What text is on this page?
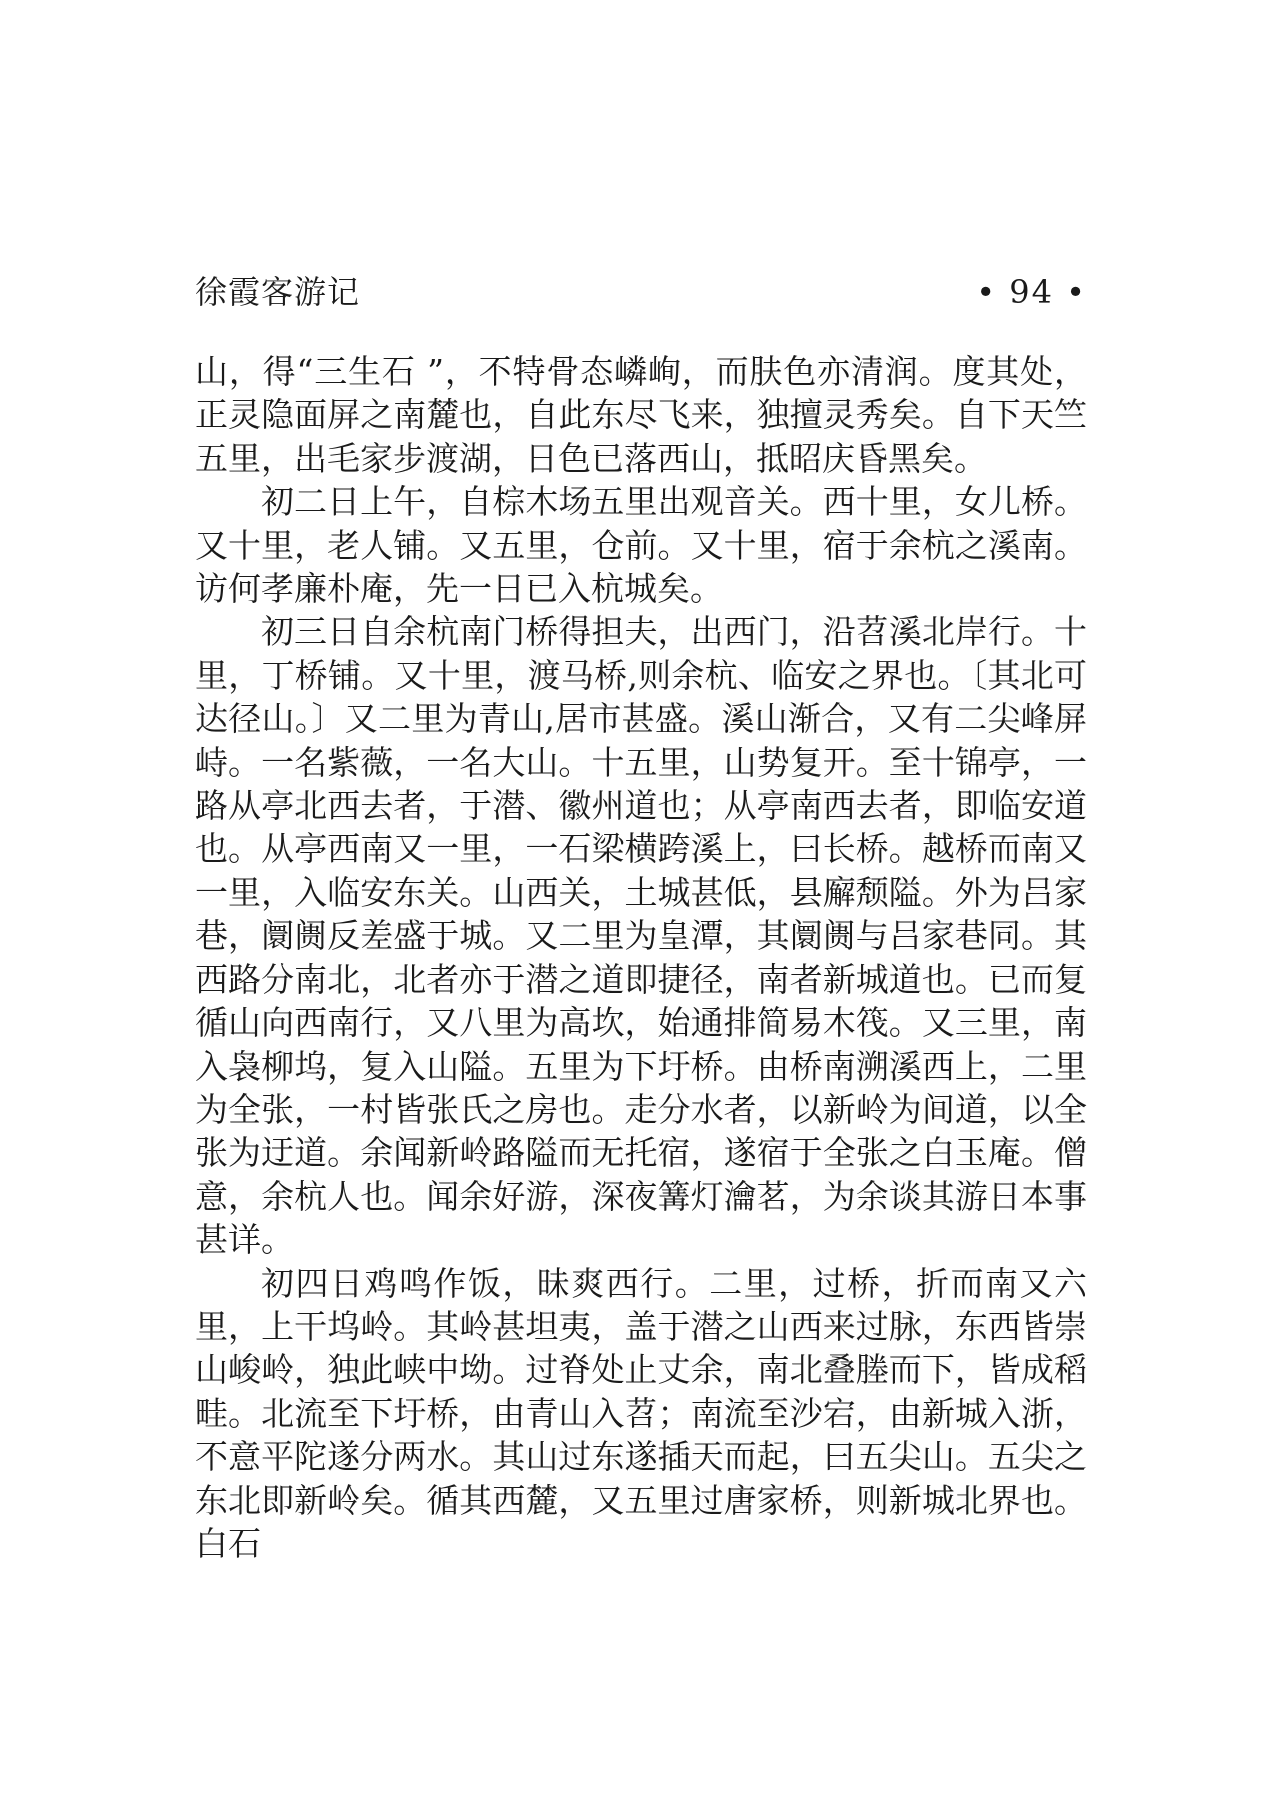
徐霞客游记	• 94 •

山，得“三生石 ”，不特骨态嶙峋，而肤色亦清润。度其处，正灵隐面屏之南麓也，自此东尽飞来，独擅灵秀矣。自下天竺五里，出毛家步渡湖，日色已落西山，抵昭庆昏黑矣。

初二日上午，自棕木场五里出观音关。西十里，女儿桥。又十里，老人铺。又五里，仓前。又十里，宿于余杭之溪南。访何孝廉朴庵，先一日已入杭城矣。

初三日自余杭南门桥得担夫，出西门，沿苕溪北岸行。十里，丁桥铺。又十里，渡马桥,则余杭、临安之界也。〔其北可达径山。〕又二里为青山,居市甚盛。溪山渐合，又有二尖峰屏峙。一名紫薇，一名大山。十五里，山势复开。至十锦亭，一路从亭北西去者，于潜、徽州道也；从亭南西去者，即临安道也。从亭西南又一里，一石梁横跨溪上，曰长桥。越桥而南又一里，入临安东关。山西关，土城甚低，县廨颓隘。外为吕家巷，阛阓反差盛于城。又二里为皇潭，其阛阓与吕家巷同。其西路分南北，北者亦于潜之道即捷径，南者新城道也。已而复循山向西南行，又八里为高坎，始通排简易木筏。又三里，南入袅柳坞，复入山隘。五里为下圩桥。由桥南溯溪西上，二里为全张，一村皆张氏之房也。走分水者，以新岭为间道，以全张为迂道。余闻新岭路隘而无托宿，遂宿于全张之白玉庵。僧意，余杭人也。闻余好游，深夜篝灯瀹茗，为余谈其游日本事甚详。

初四日鸡鸣作饭，昧爽西行。二里，过桥，折而南又六里，上干坞岭。其岭甚坦夷，盖于潜之山西来过脉，东西皆崇山峻岭，独此峡中坳。过脊处止丈余，南北叠塍而下，皆成稻畦。北流至下圩桥，由青山入苕；南流至沙宕，由新城入浙，不意平陀遂分两水。其山过东遂插天而起，曰五尖山。五尖之东北即新岭矣。循其西麓，又五里过唐家桥，则新城北界也。白石
